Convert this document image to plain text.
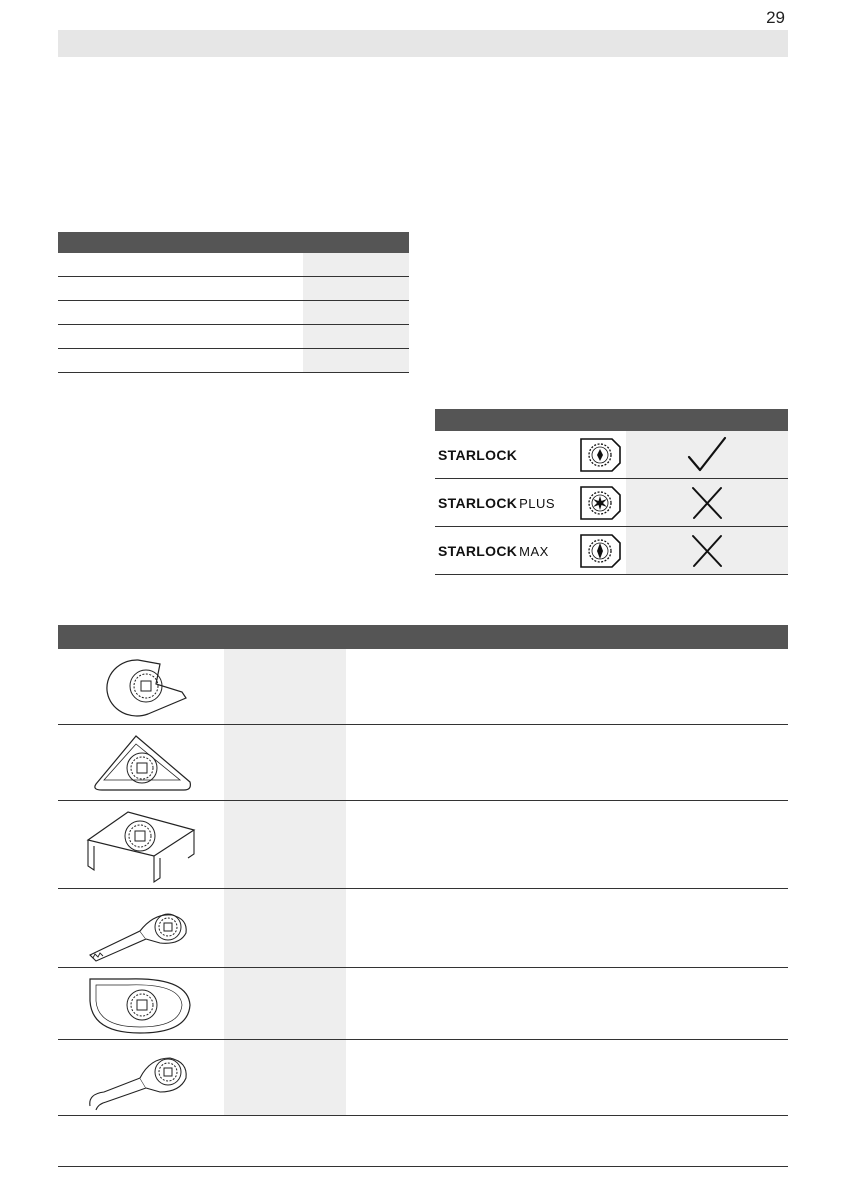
29
STARLOCK
STARLOCK PLUS
STARLOCK MAX
